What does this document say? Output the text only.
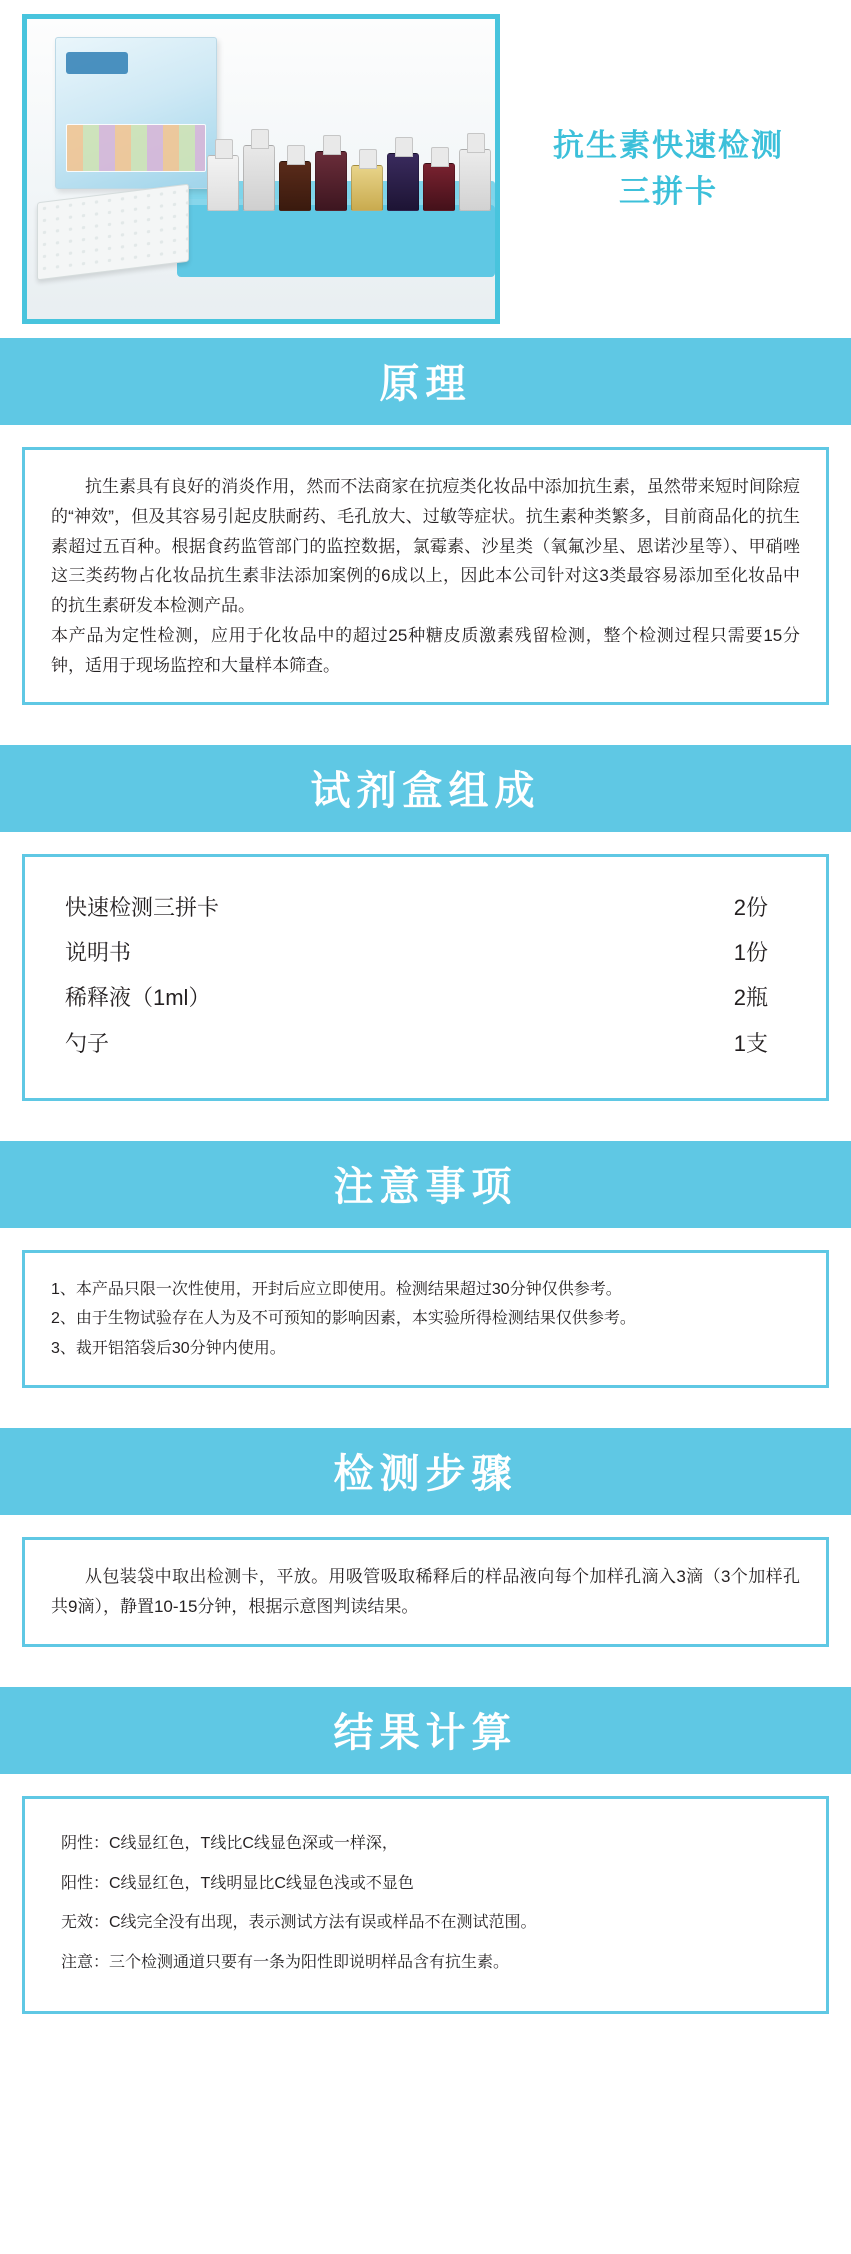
抗生素快速检测
三拼卡
原理

抗生素具有良好的消炎作用，然而不法商家在抗痘类化妆品中添加抗生素，虽然带来短时间除痘的“神效”，但及其容易引起皮肤耐药、毛孔放大、过敏等症状。抗生素种类繁多，目前商品化的抗生素超过五百种。根据食药监管部门的监控数据，氯霉素、沙星类（氧氟沙星、恩诺沙星等）、甲硝唑这三类药物占化妆品抗生素非法添加案例的6成以上，因此本公司针对这3类最容易添加至化妆品中的抗生素研发本检测产品。

本产品为定性检测，应用于化妆品中的超过25种糖皮质激素残留检测，整个检测过程只需要15分钟，适用于现场监控和大量样本筛查。

试剂盒组成
快速检测三拼卡	2份
说明书	1份
稀释液（1ml）	2瓶
勺子	1支
注意事项
1、本产品只限一次性使用，开封后应立即使用。检测结果超过30分钟仅供参考。
2、由于生物试验存在人为及不可预知的影响因素，本实验所得检测结果仅供参考。
3、裁开铝箔袋后30分钟内使用。
检测步骤

从包装袋中取出检测卡，平放。用吸管吸取稀释后的样品液向每个加样孔滴入3滴（3个加样孔共9滴），静置10-15分钟，根据示意图判读结果。

结果计算
阴性：C线显红色，T线比C线显色深或一样深，
阳性：C线显红色，T线明显比C线显色浅或不显色
无效：C线完全没有出现，表示测试方法有误或样品不在测试范围。
注意：三个检测通道只要有一条为阳性即说明样品含有抗生素。
